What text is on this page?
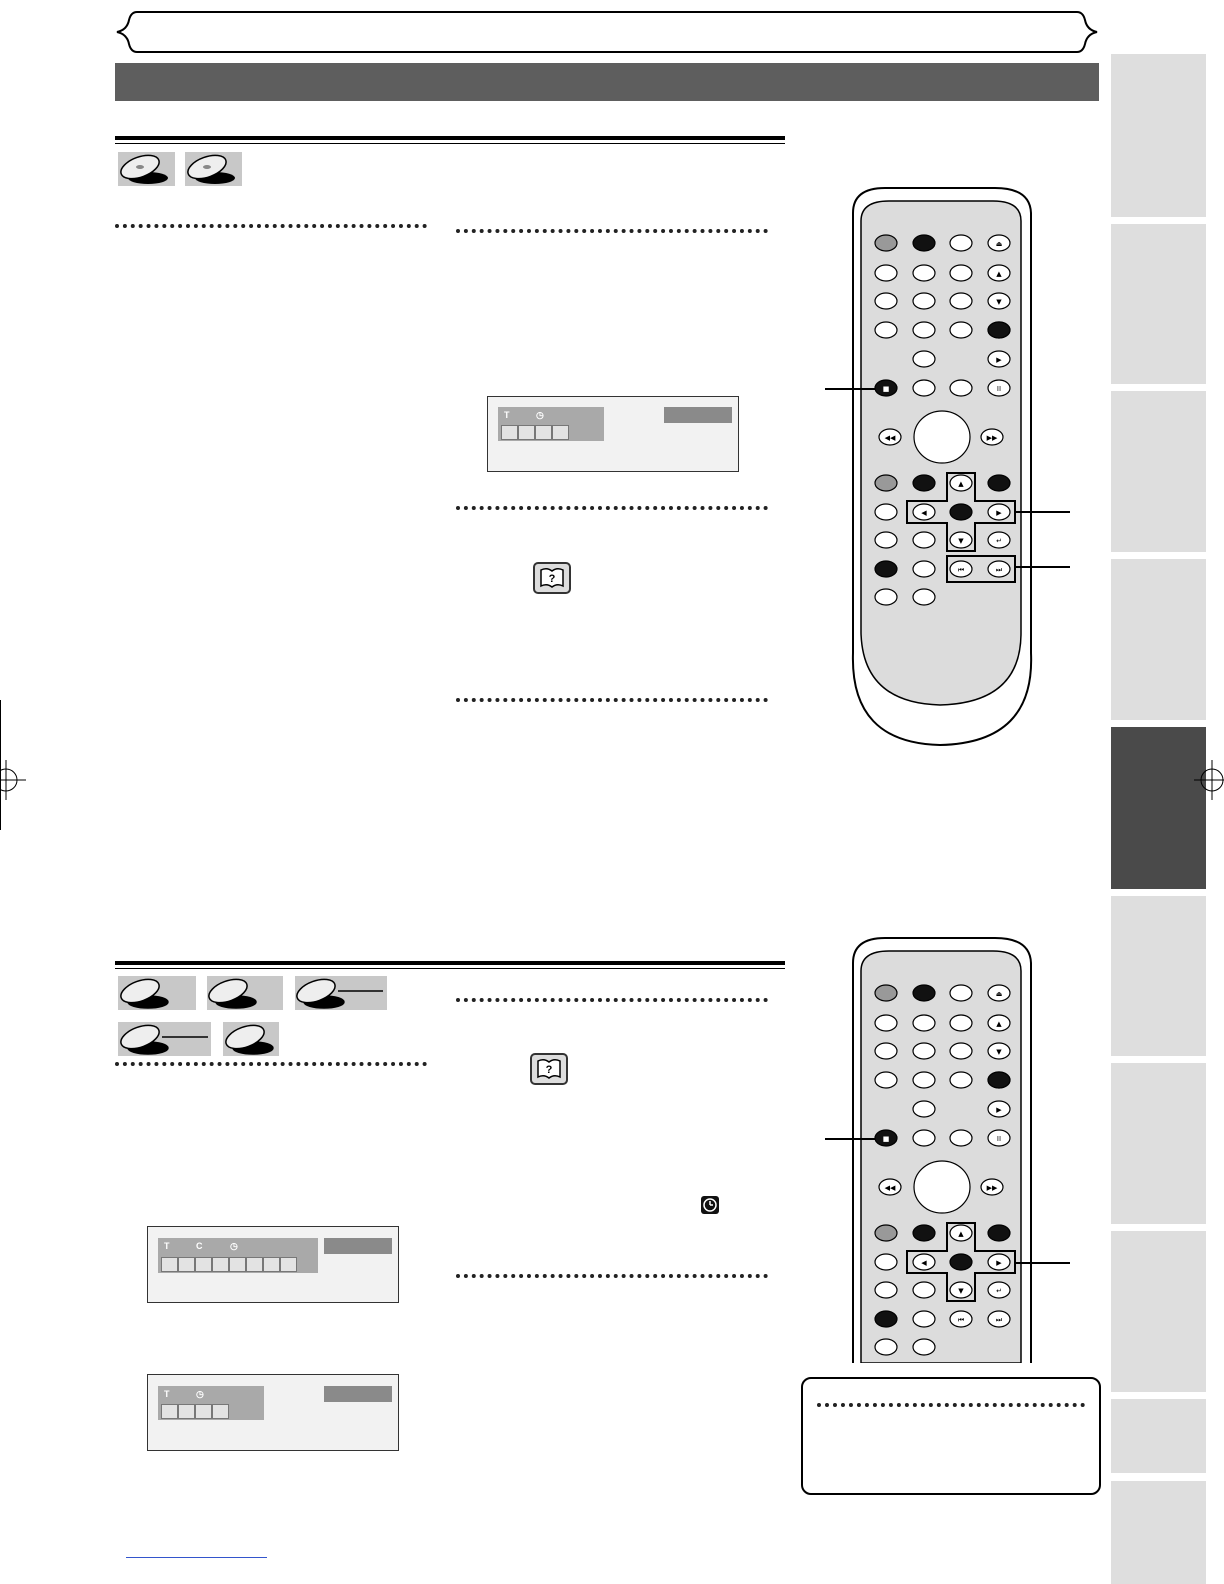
T	◷
?
⏏
▲
▼
▶
■	II
◀◀	▶▶
▲
◀	▶
▼	↵
⏮	⏭
?
T	C	◷
T	◷
⏏
▲
▼
▶
■	II
◀◀	▶▶
▲
◀	▶
▼	↵
⏮	⏭
